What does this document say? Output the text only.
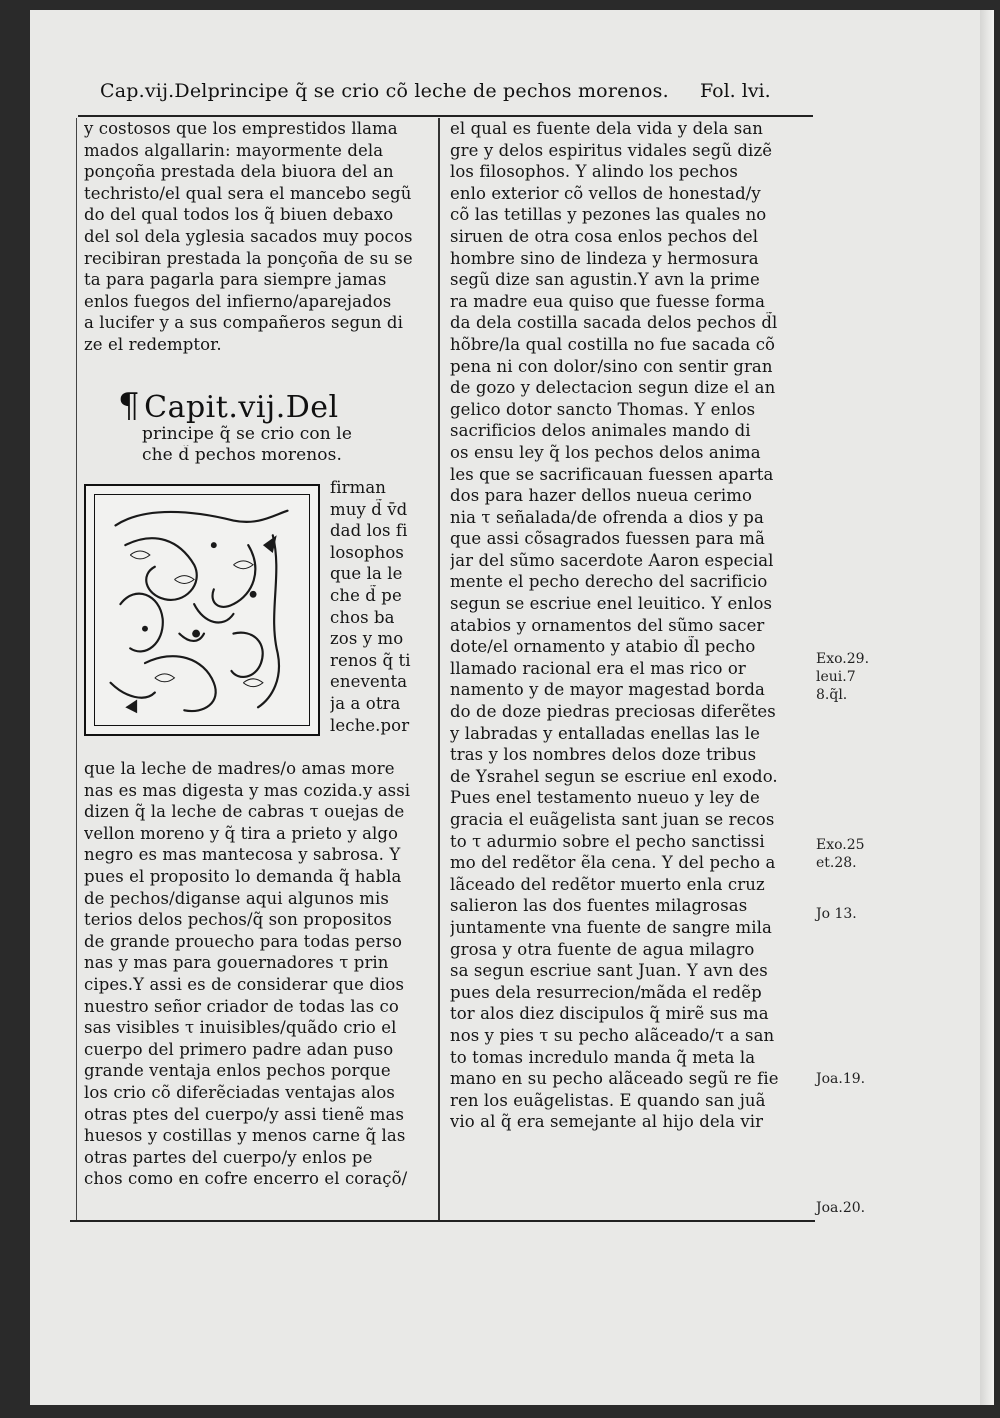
Cap.vij.Delprincipe q̃ se crio cõ leche de pechos morenos.	Fol. lvi.
y costosos que los emprestidos llama
mados algallarin: mayormente dela
ponçoña prestada dela biuora del an
techristo/el qual sera el mancebo segũ
do del qual todos los q̃ biuen debaxo
del sol dela yglesia sacados muy pocos
recibiran prestada la ponçoña de su se
ta para pagarla para siempre jamas
enlos fuegos del infierno/aparejados
a lucifer y a sus compañeros segun di
ze el redemptor.
¶ Capit.vij.Del
principe q̃ se crio con le
che d̃ pechos morenos.
firman
muy d̃ v̄d
dad los fi
losophos
que la le
che d̃ pe
chos ba
zos y mo
renos q̃ ti
eneventa
ja a otra
leche.por
que la leche de madres/o amas more
nas es mas digesta y mas cozida.y assi
dizen q̃ la leche de cabras τ ouejas de
vellon moreno y q̃ tira a prieto y algo
negro es mas mantecosa y sabrosa. Y
pues el proposito lo demanda q̃ habla
de pechos/diganse aqui algunos mis
terios delos pechos/q̃ son propositos
de grande prouecho para todas perso
nas y mas para gouernadores τ prin
cipes.Y assi es de considerar que dios
nuestro señor criador de todas las co
sas visibles τ inuisibles/quãdo crio el
cuerpo del primero padre adan puso
grande ventaja enlos pechos porque
los crio cõ diferẽciadas ventajas alos
otras ptes del cuerpo/y assi tienẽ mas
huesos y costillas y menos carne q̃ las
otras partes del cuerpo/y enlos pe
chos como en cofre encerro el coraçõ/
el qual es fuente dela vida y dela san
gre y delos espiritus vidales segũ dizẽ
los filosophos. Y alindo los pechos
enlo exterior cõ vellos de honestad/y
cõ las tetillas y pezones las quales no
siruen de otra cosa enlos pechos del
hombre sino de lindeza y hermosura
segũ dize san agustin.Y avn la prime
ra madre eua quiso que fuesse forma
da dela costilla sacada delos pechos d̃l
hõbre/la qual costilla no fue sacada cõ
pena ni con dolor/sino con sentir gran
de gozo y delectacion segun dize el an
gelico dotor sancto Thomas. Y enlos
sacrificios delos animales mando di
os ensu ley q̃ los pechos delos anima
les que se sacrificauan fuessen aparta
dos para hazer dellos nueua cerimo
nia τ señalada/de ofrenda a dios y pa
que assi cõsagrados fuessen para mã
jar del sũmo sacerdote Aaron especial
mente el pecho derecho del sacrificio
segun se escriue enel leuitico. Y enlos
atabios y ornamentos del sũmo sacer
dote/el ornamento y atabio d̃l pecho
llamado racional era el mas rico or
namento y de mayor magestad borda
do de doze piedras preciosas diferẽtes
y labradas y entalladas enellas las le
tras y los nombres delos doze tribus
de Ysrahel segun se escriue enl exodo.
Pues enel testamento nueuo y ley de
gracia el euãgelista sant juan se recos
to τ adurmio sobre el pecho sanctissi
mo del redẽtor ẽla cena. Y del pecho a
lãceado del redẽtor muerto enla cruz
salieron las dos fuentes milagrosas
juntamente vna fuente de sangre mila
grosa y otra fuente de agua milagro
sa segun escriue sant Juan. Y avn des
pues dela resurrecion/mãda el redẽp
tor alos diez discipulos q̃ mirẽ sus ma
nos y pies τ su pecho alãceado/τ a san
to tomas incredulo manda q̃ meta la
mano en su pecho alãceado segũ re fie
ren los euãgelistas. E quando san juã
vio al q̃ era semejante al hijo dela vir
Exo.29.
leui.7
8.q̃l.
Exo.25
et.28.
Jo 13.
Joa.19.
Joa.20.
